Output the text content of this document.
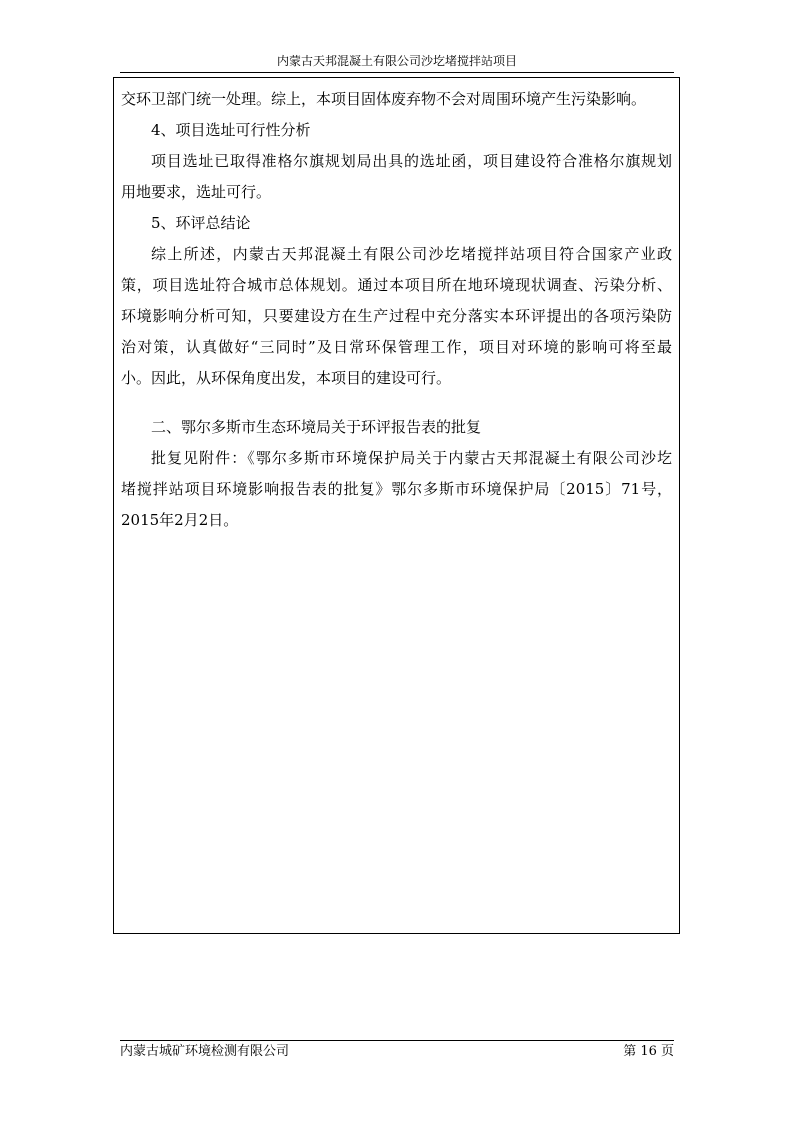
内蒙古天邦混凝土有限公司沙圪堵搅拌站项目
交环卫部门统一处理。综上，本项目固体废弃物不会对周围环境产生污染影响。
4、项目选址可行性分析
项目选址已取得准格尔旗规划局出具的选址函，项目建设符合准格尔旗规划
用地要求，选址可行。
5、环评总结论
综上所述，内蒙古天邦混凝土有限公司沙圪堵搅拌站项目符合国家产业政
策，项目选址符合城市总体规划。通过本项目所在地环境现状调查、污染分析、
环境影响分析可知，只要建设方在生产过程中充分落实本环评提出的各项污染防
治对策，认真做好“三同时”及日常环保管理工作，项目对环境的影响可将至最
小。因此，从环保角度出发，本项目的建设可行。
二、鄂尔多斯市生态环境局关于环评报告表的批复
批复见附件：《鄂尔多斯市环境保护局关于内蒙古天邦混凝土有限公司沙圪
堵搅拌站项目环境影响报告表的批复》鄂尔多斯市环境保护局〔2015〕71号，
2015年2月2日。
内蒙古城矿环境检测有限公司	第 16 页
